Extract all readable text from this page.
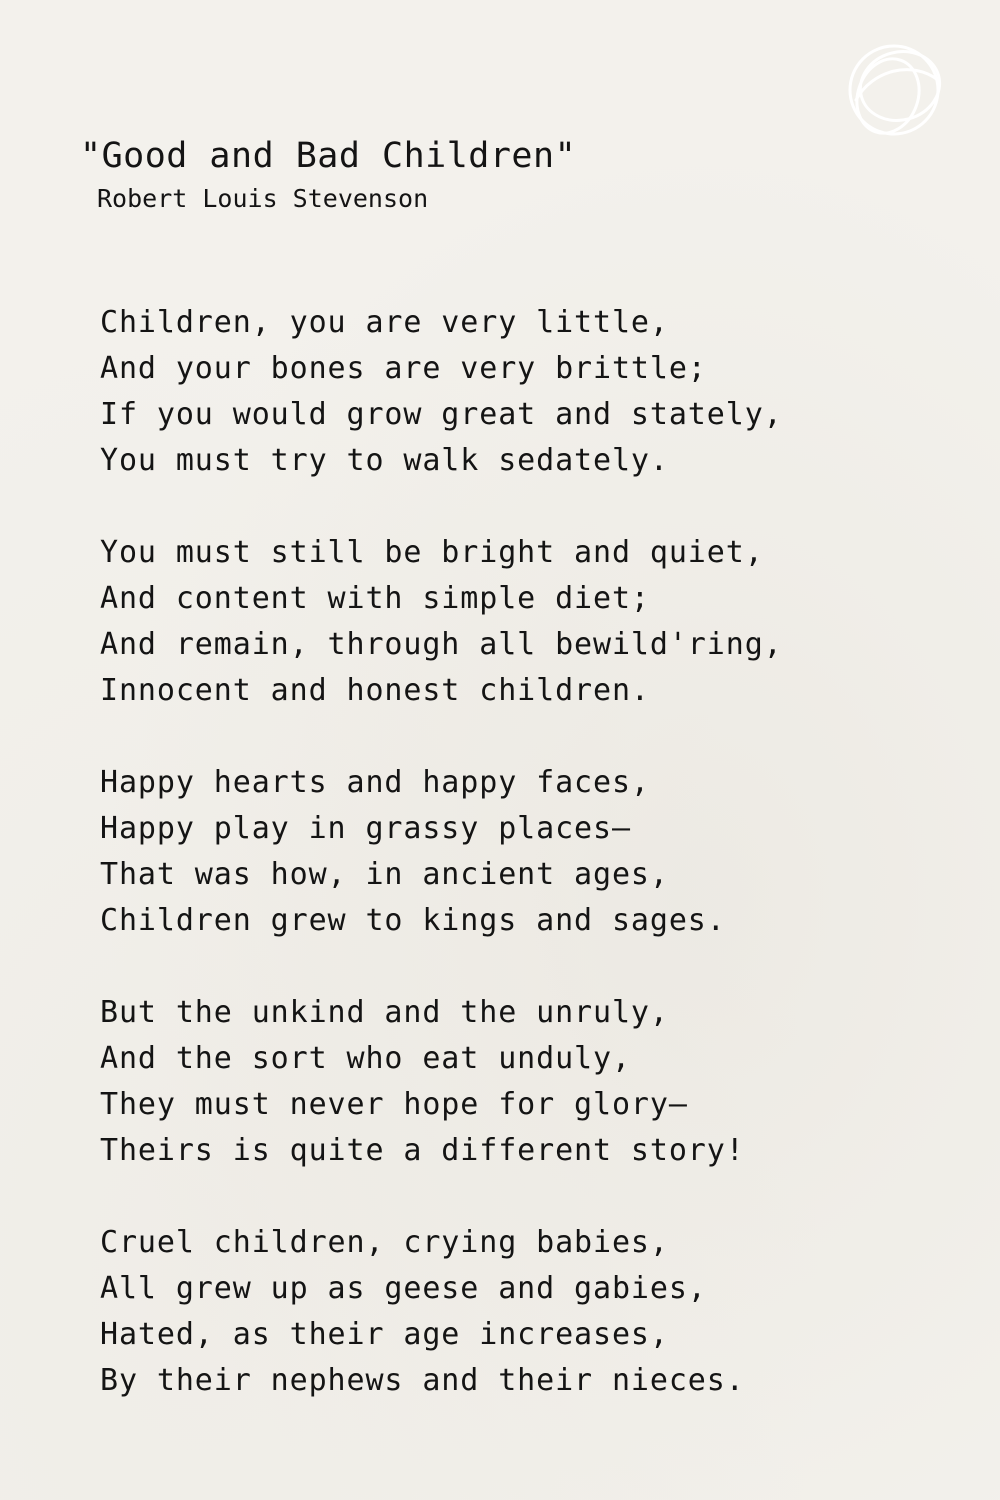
"Good and Bad Children"
Robert Louis Stevenson
Children, you are very little,
And your bones are very brittle;
If you would grow great and stately,
You must try to walk sedately.
You must still be bright and quiet,
And content with simple diet;
And remain, through all bewild'ring,
Innocent and honest children.
Happy hearts and happy faces,
Happy play in grassy places—
That was how, in ancient ages,
Children grew to kings and sages.
But the unkind and the unruly,
And the sort who eat unduly,
They must never hope for glory—
Theirs is quite a different story!
Cruel children, crying babies,
All grew up as geese and gabies,
Hated, as their age increases,
By their nephews and their nieces.
